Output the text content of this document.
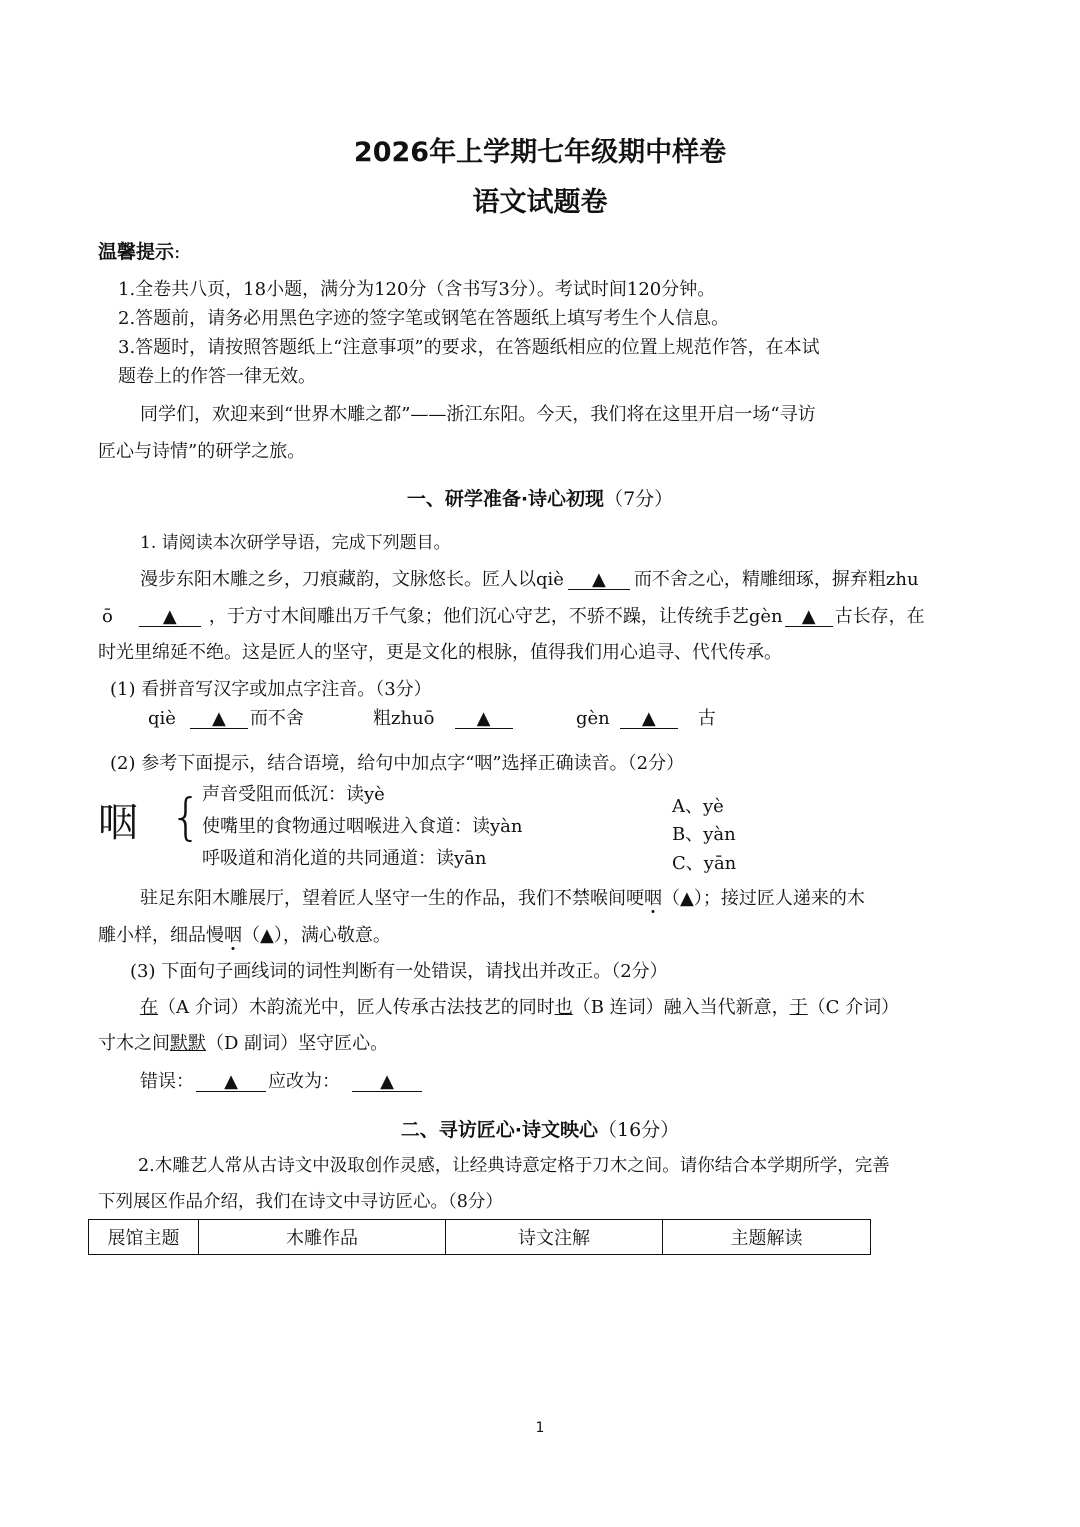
2026年上学期七年级期中样卷
语文试题卷
温馨提示:
1.全卷共八页，18小题，满分为120分（含书写3分）。考试时间120分钟。
2.答题前，请务必用黑色字迹的签字笔或钢笔在答题纸上填写考生个人信息。
3.答题时，请按照答题纸上“注意事项”的要求，在答题纸相应的位置上规范作答，在本试
题卷上的作答一律无效。
同学们，欢迎来到“世界木雕之都”——浙江东阳。今天，我们将在这里开启一场“寻访
匠心与诗情”的研学之旅。
一、研学准备·诗心初现（7分）
1. 请阅读本次研学导语，完成下列题目。
漫步东阳木雕之乡，刀痕藏韵，文脉悠长。匠人以qiè ▲ 而不舍之心，精雕细琢，摒弃粗zhu
ō	▲ ，于方寸木间雕出万千气象；他们沉心守艺，不骄不躁，让传统手艺gèn ▲ 古长存，在
时光里绵延不绝。这是匠人的坚守，更是文化的根脉，值得我们用心追寻、代代传承。
(1) 看拼音写汉字或加点字注音。（3分）
qiè ▲ 而不舍	粗zhuō ▲	gèn ▲ 古
(2) 参考下面提示，结合语境，给句中加点字“咽”选择正确读音。（2分）
咽 { 声音受阻而低沉：读yè
使嘴里的食物通过咽喉进入食道：读yàn
呼吸道和消化道的共同通道：读yān
A、yè
B、yàn
C、yān
驻足东阳木雕展厅，望着匠人坚守一生的作品，我们不禁喉间哽咽（▲）；接过匠人递来的木
雕小样，细品慢咽（▲），满心敬意。
(3) 下面句子画线词的词性判断有一处错误，请找出并改正。（2分）
在（A 介词）木韵流光中，匠人传承古法技艺的同时也（B 连词）融入当代新意，于（C 介词）
寸木之间默默（D 副词）坚守匠心。
错误： ▲ 应改为： ▲
二、寻访匠心·诗文映心（16分）
2.木雕艺人常从古诗文中汲取创作灵感，让经典诗意定格于刀木之间。请你结合本学期所学，完善
下列展区作品介绍，我们在诗文中寻访匠心。（8分）
展馆主题	木雕作品	诗文注解	主题解读
1
